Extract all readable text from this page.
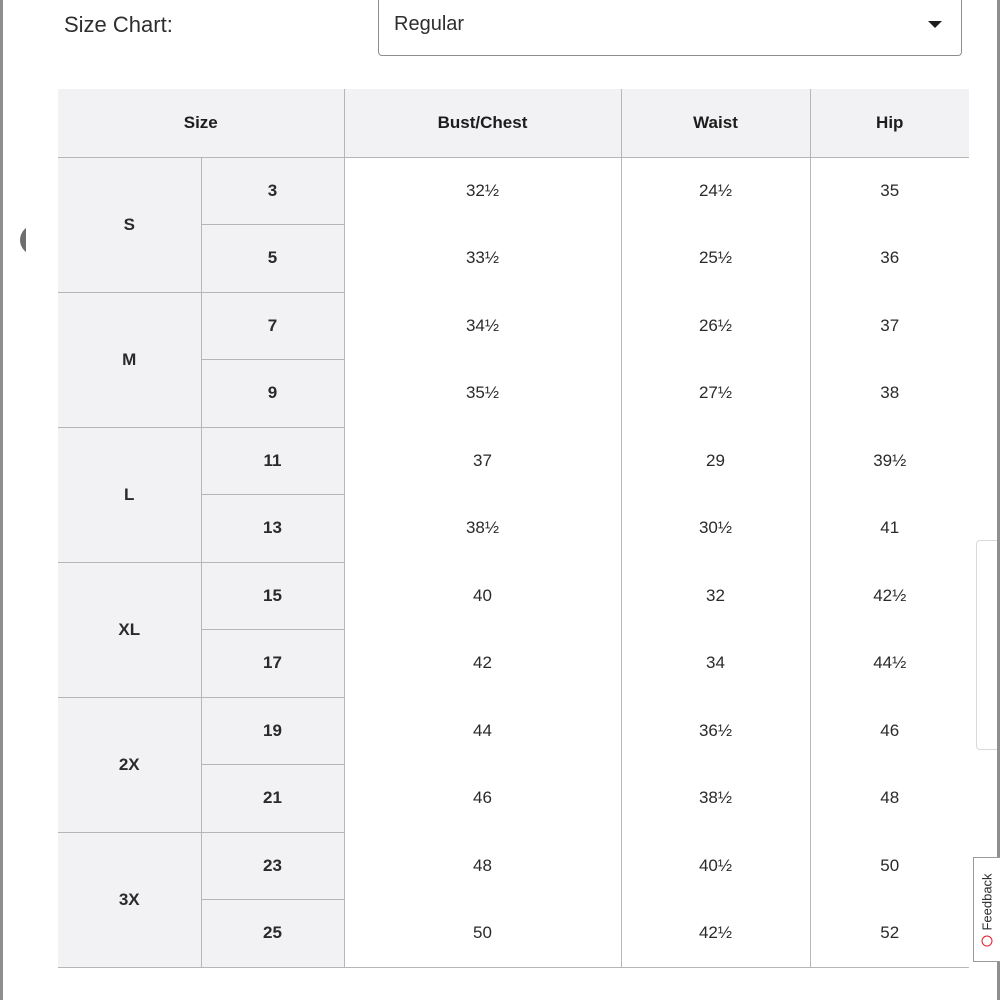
Size Chart:	Regular
Size		Bust/Chest	Waist	Hip
S	3	32½	24½	35
	5	33½	25½	36
M	7	34½	26½	37
	9	35½	27½	38
L	11	37	29	39½
	13	38½	30½	41
XL	15	40	32	42½
	17	42	34	44½
2X	19	44	36½	46
	21	46	38½	48
3X	23	48	40½	50
	25	50	42½	52
Feedback
